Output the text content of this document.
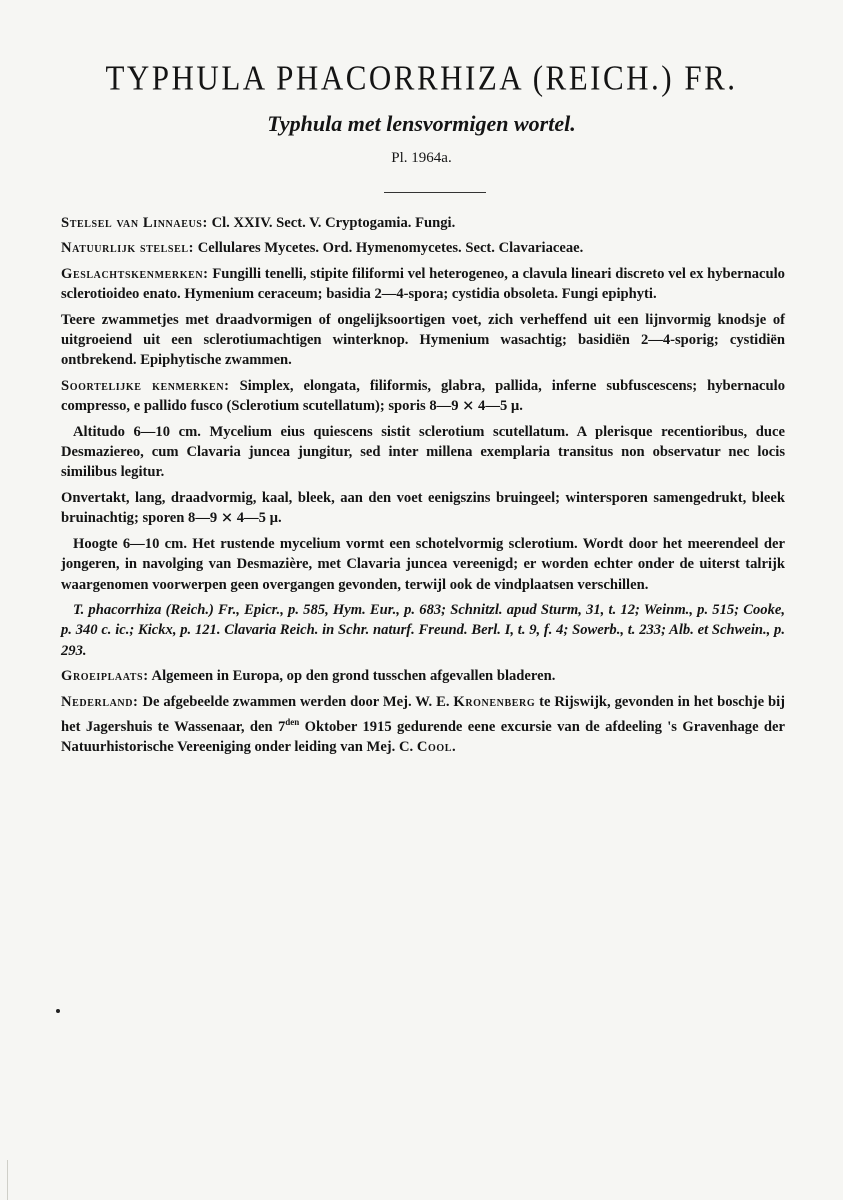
TYPHULA PHACORRHIZA (REICH.) FR.
Typhula met lensvormigen wortel.
Pl. 1964a.

Stelsel van Linnaeus: Cl. XXIV. Sect. V. Cryptogamia. Fungi.

Natuurlijk stelsel: Cellulares Mycetes. Ord. Hymenomycetes. Sect. Clavariaceae.

Geslachtskenmerken: Fungilli tenelli, stipite filiformi vel heterogeneo, a clavula lineari discreto vel ex hybernaculo sclerotioideo enato. Hymenium ceraceum; basidia 2—4-spora; cystidia obsoleta. Fungi epiphyti.

Teere zwammetjes met draadvormigen of ongelijksoortigen voet, zich verheffend uit een lijnvormig knodsje of uitgroeiend uit een sclerotiumachtigen winterknop. Hymenium wasachtig; basidiën 2—4-sporig; cystidiën ontbrekend. Epiphytische zwammen.

Soortelijke kenmerken: Simplex, elongata, filiformis, glabra, pallida, inferne subfuscescens; hybernaculo compresso, e pallido fusco (Sclerotium scutellatum); sporis 8—9 ⨯ 4—5 µ.

Altitudo 6—10 cm. Mycelium eius quiescens sistit sclerotium scutellatum. A plerisque recentioribus, duce Desmaziereo, cum Clavaria juncea jungitur, sed inter millena exemplaria transitus non observatur nec locis similibus legitur.

Onvertakt, lang, draadvormig, kaal, bleek, aan den voet eenigszins bruingeel; wintersporen samengedrukt, bleek bruinachtig; sporen 8—9 ⨯ 4—5 µ.

Hoogte 6—10 cm. Het rustende mycelium vormt een schotelvormig sclerotium. Wordt door het meerendeel der jongeren, in navolging van Desmazière, met Clavaria juncea vereenigd; er worden echter onder de uiterst talrijk waargenomen voorwerpen geen overgangen gevonden, terwijl ook de vindplaatsen verschillen.

T. phacorrhiza (Reich.) Fr., Epicr., p. 585, Hym. Eur., p. 683; Schnitzl. apud Sturm, 31, t. 12; Weinm., p. 515; Cooke, p. 340 c. ic.; Kickx, p. 121. Clavaria Reich. in Schr. naturf. Freund. Berl. I, t. 9, f. 4; Sowerb., t. 233; Alb. et Schwein., p. 293.

Groeiplaats: Algemeen in Europa, op den grond tusschen afgevallen bladeren.

Nederland: De afgebeelde zwammen werden door Mej. W. E. Kronenberg te Rijswijk, gevonden in het boschje bij het Jagershuis te Wassenaar, den $7^{den}$ Oktober 1915 gedurende eene excursie van de afdeeling 's Gravenhage der Natuurhistorische Vereeniging onder leiding van Mej. C. Cool.
